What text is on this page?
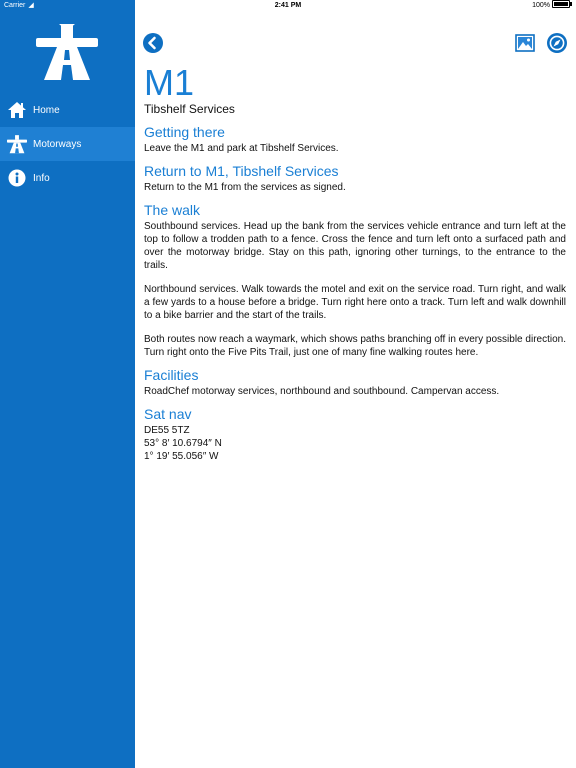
Carrier ◢	2:41 PM	100%
Home
Motorways
Info
M1
Tibshelf Services
Getting there

Leave the M1 and park at Tibshelf Services.

Return to M1, Tibshelf Services

Return to the M1 from the services as signed.

The walk

Southbound services. Head up the bank from the services vehicle entrance and turn left at the top to follow a trodden path to a fence. Cross the fence and turn left onto a surfaced path and over the motorway bridge. Stay on this path, ignoring other turnings, to the entrance to the trails.

Northbound services. Walk towards the motel and exit on the service road. Turn right, and walk a few yards to a house before a bridge. Turn right here onto a track. Turn left and walk downhill to a bike barrier and the start of the trails.

Both routes now reach a waymark, which shows paths branching off in every possible direction. Turn right onto the Five Pits Trail, just one of many fine walking routes here.

Facilities

RoadChef motorway services, northbound and southbound. Campervan access.

Sat nav
DE55 5TZ
53° 8′ 10.6794″ N
1° 19′ 55.056″ W
